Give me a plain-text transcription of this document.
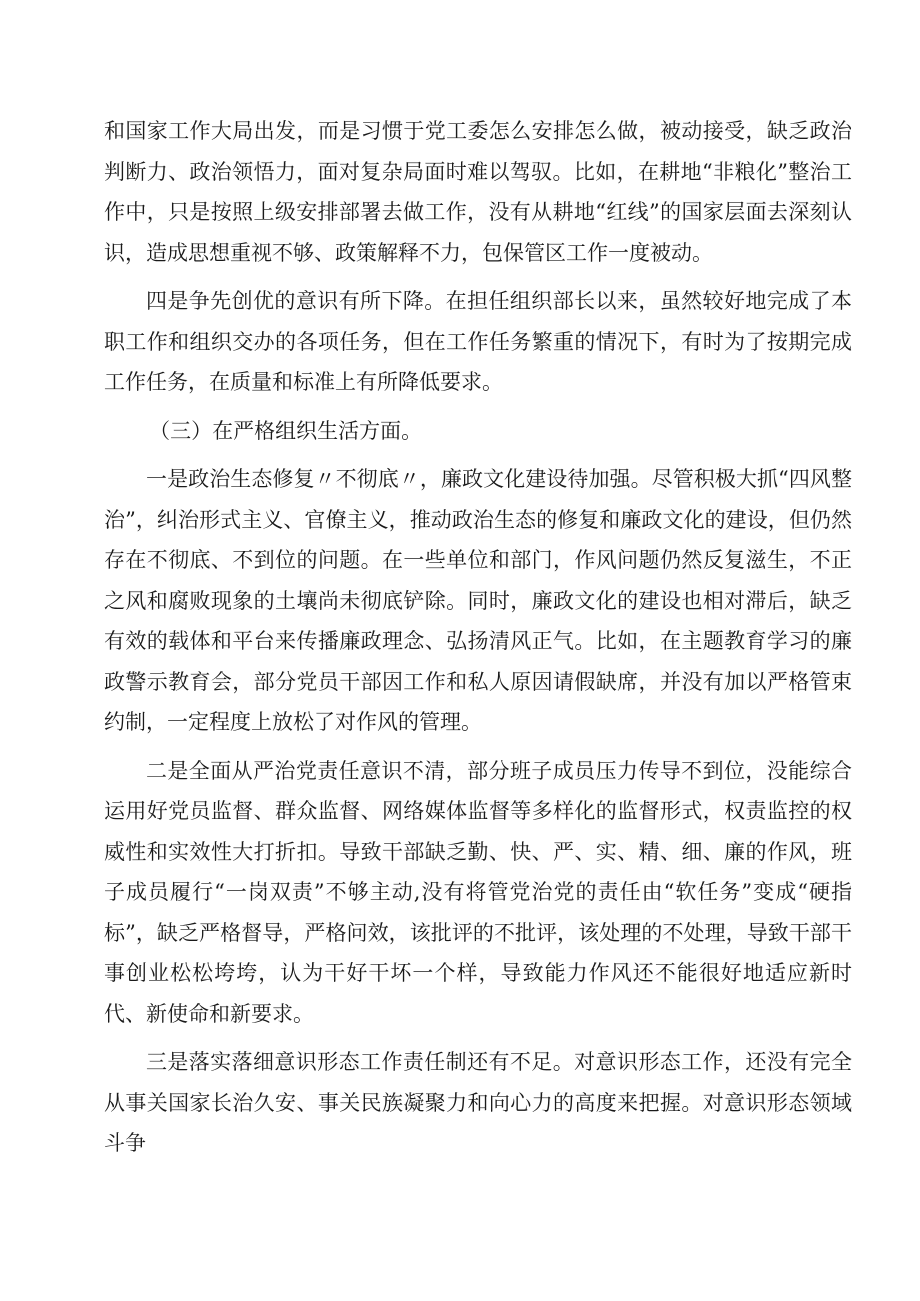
和国家工作大局出发，而是习惯于党工委怎么安排怎么做，被动接受，缺乏政治判断力、政治领悟力，面对复杂局面时难以驾驭。比如，在耕地“非粮化”整治工作中，只是按照上级安排部署去做工作，没有从耕地“红线”的国家层面去深刻认识，造成思想重视不够、政策解释不力，包保管区工作一度被动。

四是争先创优的意识有所下降。在担任组织部长以来，虽然较好地完成了本职工作和组织交办的各项任务，但在工作任务繁重的情况下，有时为了按期完成工作任务，在质量和标准上有所降低要求。

（三）在严格组织生活方面。

一是政治生态修复〃不彻底〃，廉政文化建设待加强。尽管积极大抓“四风整治”，纠治形式主义、官僚主义，推动政治生态的修复和廉政文化的建设，但仍然存在不彻底、不到位的问题。在一些单位和部门，作风问题仍然反复滋生，不正之风和腐败现象的土壤尚未彻底铲除。同时，廉政文化的建设也相对滞后，缺乏有效的载体和平台来传播廉政理念、弘扬清风正气。比如，在主题教育学习的廉政警示教育会，部分党员干部因工作和私人原因请假缺席，并没有加以严格管束约制，一定程度上放松了对作风的管理。

二是全面从严治党责任意识不清，部分班子成员压力传导不到位，没能综合运用好党员监督、群众监督、网络媒体监督等多样化的监督形式，权责监控的权威性和实效性大打折扣。导致干部缺乏勤、快、严、实、精、细、廉的作风，班子成员履行“一岗双责”不够主动,没有将管党治党的责任由“软任务”变成“硬指标”，缺乏严格督导，严格问效，该批评的不批评，该处理的不处理，导致干部干事创业松松垮垮，认为干好干坏一个样，导致能力作风还不能很好地适应新时代、新使命和新要求。

三是落实落细意识形态工作责任制还有不足。对意识形态工作，还没有完全从事关国家长治久安、事关民族凝聚力和向心力的高度来把握。对意识形态领域斗争
